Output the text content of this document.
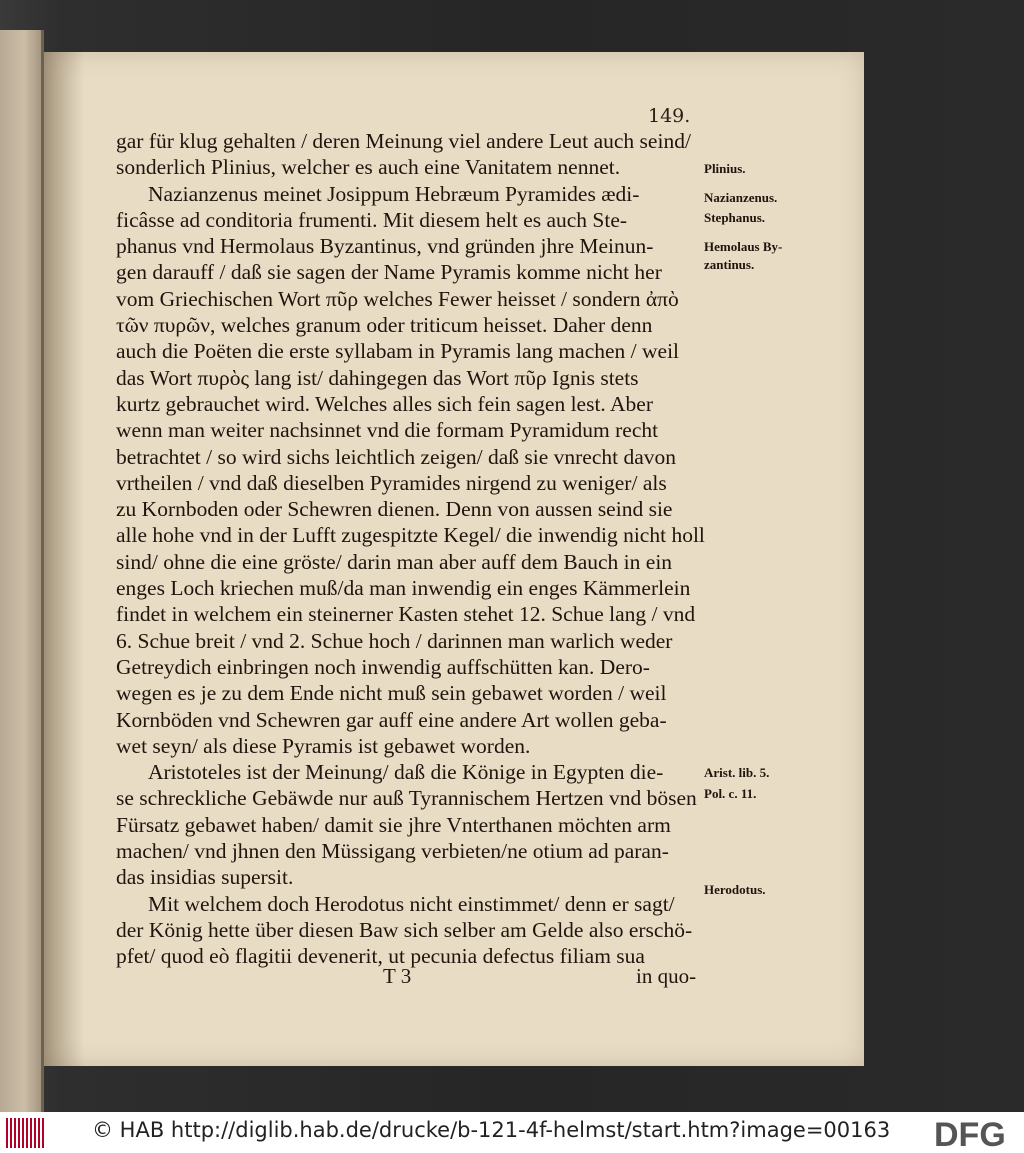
149.
gar für klug gehalten / deren Meinung viel andere Leut auch seind/
sonderlich Plinius, welcher es auch eine Vanitatem nennet.
Nazianzenus meinet Josippum Hebræum Pyramides ædi-
ficâsse ad conditoria frumenti. Mit diesem helt es auch Ste-
phanus vnd Hermolaus Byzantinus, vnd gründen jhre Meinun-
gen darauff / daß sie sagen der Name Pyramis komme nicht her
vom Griechischen Wort πῦρ welches Fewer heisset / sondern ἀπὸ
τῶν πυρῶν, welches granum oder triticum heisset. Daher denn
auch die Poëten die erste syllabam in Pyramis lang machen / weil
das Wort πυρὸς lang ist/ dahingegen das Wort πῦρ Ignis stets
kurtz gebrauchet wird. Welches alles sich fein sagen lest. Aber
wenn man weiter nachsinnet vnd die formam Pyramidum recht
betrachtet / so wird sichs leichtlich zeigen/ daß sie vnrecht davon
vrtheilen / vnd daß dieselben Pyramides nirgend zu weniger/ als
zu Kornboden oder Schewren dienen. Denn von aussen seind sie
alle hohe vnd in der Lufft zugespitzte Kegel/ die inwendig nicht holl
sind/ ohne die eine gröste/ darin man aber auff dem Bauch in ein
enges Loch kriechen muß/da man inwendig ein enges Kämmerlein
findet in welchem ein steinerner Kasten stehet 12. Schue lang / vnd
6. Schue breit / vnd 2. Schue hoch / darinnen man warlich weder
Getreydich einbringen noch inwendig auffschütten kan. Dero-
wegen es je zu dem Ende nicht muß sein gebawet worden / weil
Kornböden vnd Schewren gar auff eine andere Art wollen geba-
wet seyn/ als diese Pyramis ist gebawet worden.
Aristoteles ist der Meinung/ daß die Könige in Egypten die-
se schreckliche Gebäwde nur auß Tyrannischem Hertzen vnd bösen
Fürsatz gebawet haben/ damit sie jhre Vnterthanen möchten arm
machen/ vnd jhnen den Müssigang verbieten/ne otium ad paran-
das insidias supersit.
Mit welchem doch Herodotus nicht einstimmet/ denn er sagt/
der König hette über diesen Baw sich selber am Gelde also erschö-
pfet/ quod eò flagitii devenerit, ut pecunia defectus filiam sua
Plinius.
Nazianzenus.
Stephanus.
Hemolaus By-
zantinus.
Arist. lib. 5.
Pol. c. 11.
Herodotus.
T 3	in quo-
© HAB http://diglib.hab.de/drucke/b-121-4f-helmst/start.htm?image=00163 DFG
